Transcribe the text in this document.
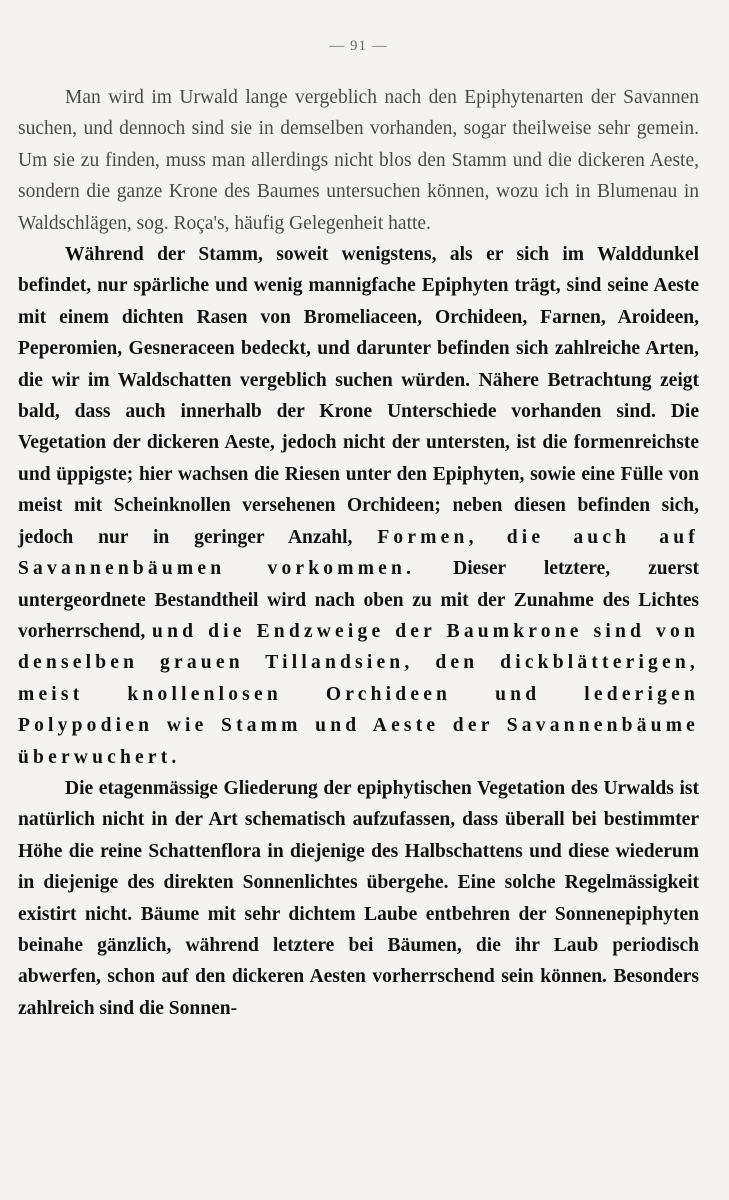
— 91 —

Man wird im Urwald lange vergeblich nach den Epiphytenarten der Savannen suchen, und dennoch sind sie in demselben vorhanden, sogar theilweise sehr gemein. Um sie zu finden, muss man allerdings nicht blos den Stamm und die dickeren Aeste, sondern die ganze Krone des Baumes untersuchen können, wozu ich in Blumenau in Waldschlägen, sog. Roça's, häufig Gelegenheit hatte.

Während der Stamm, soweit wenigstens, als er sich im Walddunkel befindet, nur spärliche und wenig mannigfache Epiphyten trägt, sind seine Aeste mit einem dichten Rasen von Bromeliaceen, Orchideen, Farnen, Aroideen, Peperomien, Gesneraceen bedeckt, und darunter befinden sich zahlreiche Arten, die wir im Waldschatten vergeblich suchen würden. Nähere Betrachtung zeigt bald, dass auch innerhalb der Krone Unterschiede vorhanden sind. Die Vegetation der dickeren Aeste, jedoch nicht der untersten, ist die formenreichste und üppigste; hier wachsen die Riesen unter den Epiphyten, sowie eine Fülle von meist mit Scheinknollen versehenen Orchideen; neben diesen befinden sich, jedoch nur in geringer Anzahl, Formen, die auch auf Savannenbäumen vorkommen. Dieser letztere, zuerst untergeordnete Bestandtheil wird nach oben zu mit der Zunahme des Lichtes vorherrschend, und die Endzweige der Baumkrone sind von denselben grauen Tillandsien, den dickblätterigen, meist knollenlosen Orchideen und lederigen Polypodien wie Stamm und Aeste der Savannenbäume überwuchert.

Die etagenmässige Gliederung der epiphytischen Vegetation des Urwalds ist natürlich nicht in der Art schematisch aufzufassen, dass überall bei bestimmter Höhe die reine Schattenflora in diejenige des Halbschattens und diese wiederum in diejenige des direkten Sonnenlichtes übergehe. Eine solche Regelmässigkeit existirt nicht. Bäume mit sehr dichtem Laube entbehren der Sonnenepiphyten beinahe gänzlich, während letztere bei Bäumen, die ihr Laub periodisch abwerfen, schon auf den dickeren Aesten vorherrschend sein können. Besonders zahlreich sind die Sonnen-
